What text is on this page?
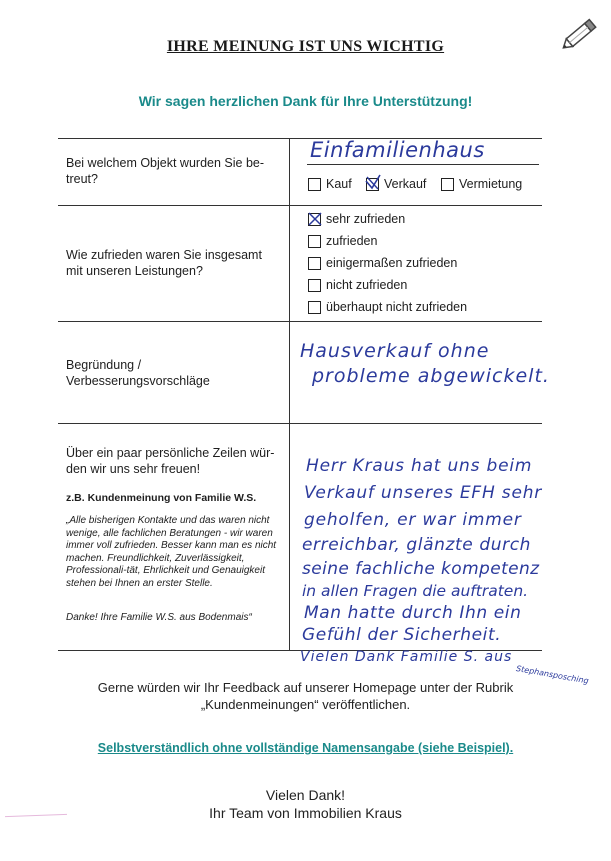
IHRE MEINUNG IST UNS WICHTIG
Wir sagen herzlichen Dank für Ihre Unterstützung!
Bei welchem Objekt wurden Sie be-treut?
Einfamilienhaus
Kauf	Verkauf	Vermietung
Wie zufrieden waren Sie insgesamt mit unseren Leistungen?
sehr zufrieden
zufrieden
einigermaßen zufrieden
nicht zufrieden
überhaupt nicht zufrieden
Begründung / Verbesserungsvorschläge
Hausverkauf ohne
probleme abgewickelt.
Über ein paar persönliche Zeilen wür-den wir uns sehr freuen!
z.B. Kundenmeinung von Familie W.S.
„Alle bisherigen Kontakte und das waren nicht wenige, alle fachlichen Beratungen - wir waren immer voll zufrieden. Besser kann man es nicht machen. Freundlichkeit, Zuverlässigkeit, Professionali-tät, Ehrlichkeit und Genauigkeit stehen bei Ihnen an erster Stelle.
Danke! Ihre Familie W.S. aus Bodenmais“
Herr Kraus hat uns beim
Verkauf unseres EFH sehr
geholfen, er war immer
erreichbar, glänzte durch
seine fachliche kompetenz
in allen Fragen die auftraten.
Man hatte durch Ihn ein
Gefühl der Sicherheit.
Vielen Dank Familie S. aus
Stephansposching
Gerne würden wir Ihr Feedback auf unserer Homepage unter der Rubrik
„Kundenmeinungen“ veröffentlichen.
Selbstverständlich ohne vollständige Namensangabe (siehe Beispiel).
Vielen Dank!
Ihr Team von Immobilien Kraus
